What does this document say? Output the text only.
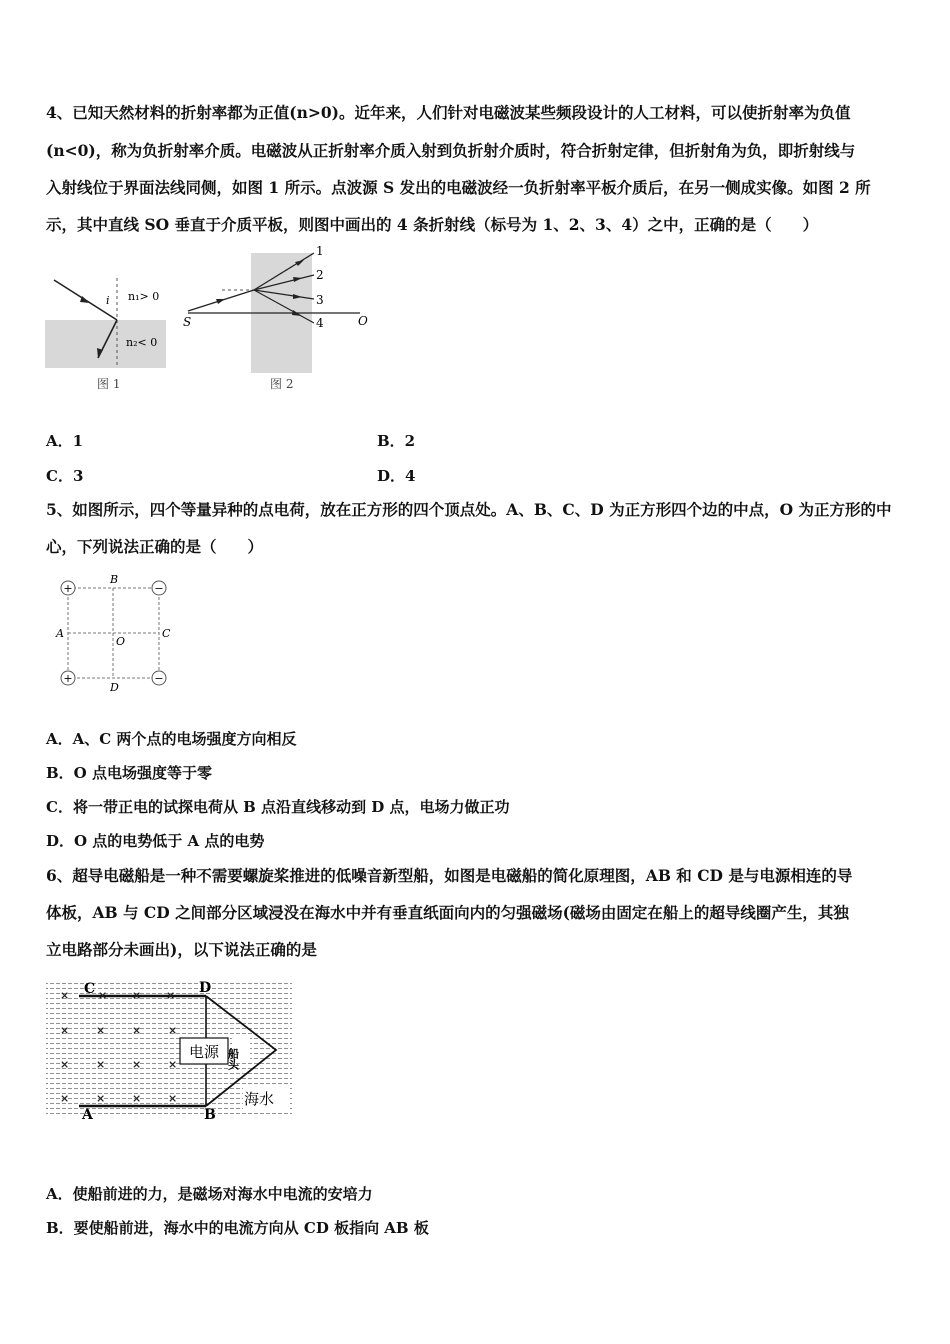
4、已知天然材料的折射率都为正值(n>0)。近年来，人们针对电磁波某些频段设计的人工材料，可以使折射率为负值
(n<0)，称为负折射率介质。电磁波从正折射率介质入射到负折射介质时，符合折射定律，但折射角为负，即折射线与
入射线位于界面法线同侧，如图 1 所示。点波源 S 发出的电磁波经一负折射率平板介质后，在另一侧成实像。如图 2 所
示，其中直线 SO 垂直于介质平板，则图中画出的 4 条折射线（标号为 1、2、3、4）之中，正确的是（　　）
i n₁> 0
n₂< 0
图 1
1
2
3
4
S	O
图 2
A．1	B．2
C．3	D．4
5、如图所示，四个等量异种的点电荷，放在正方形的四个顶点处。A、B、C、D 为正方形四个边的中点，O 为正方形的中
心，下列说法正确的是（　　）
+	−
+	−
B
A	C
O
D
A．A、C 两个点的电场强度方向相反
B．O 点电场强度等于零
C．将一带正电的试探电荷从 B 点沿直线移动到 D 点，电场力做正功
D．O 点的电势低于 A 点的电势
6、超导电磁船是一种不需要螺旋桨推进的低噪音新型船，如图是电磁船的简化原理图，AB 和 CD 是与电源相连的导
体板，AB 与 CD 之间部分区域浸没在海水中并有垂直纸面向内的匀强磁场(磁场由固定在船上的超导线圈产生，其独
立电路部分未画出)，以下说法正确的是
电源 船头
海水
C	D
A	B
×	× × ×
× × × ×
× × × ×
× × × ×
A．使船前进的力，是磁场对海水中电流的安培力
B．要使船前进，海水中的电流方向从 CD 板指向 AB 板
